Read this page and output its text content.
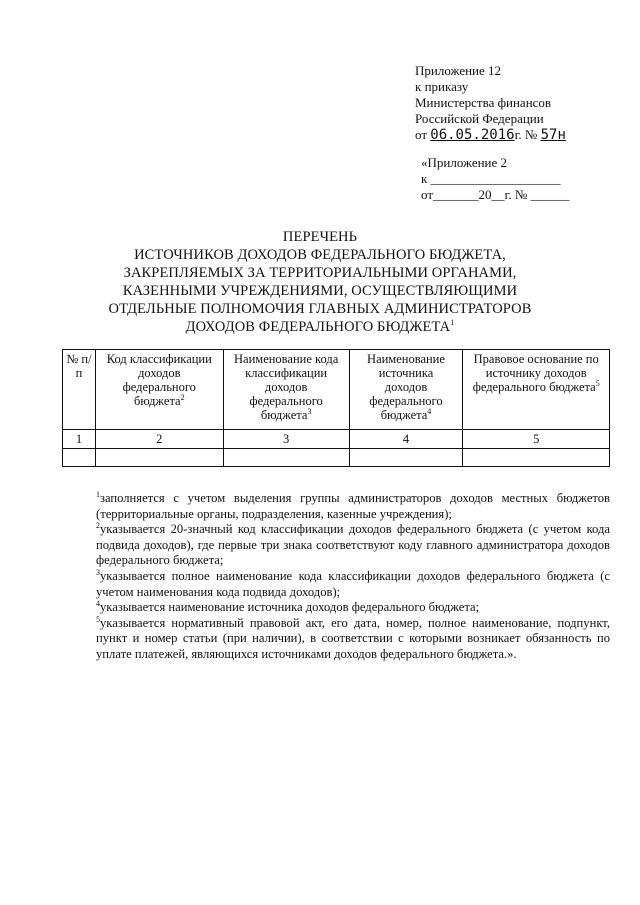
Приложение 12
к приказу
Министерства финансов
Российской Федерации
от 06.05.2016г. № 57н
«Приложение 2
к ____________________
от_______20__г. № ______
ПЕРЕЧЕНЬ
ИСТОЧНИКОВ ДОХОДОВ ФЕДЕРАЛЬНОГО БЮДЖЕТА,
ЗАКРЕПЛЯЕМЫХ ЗА ТЕРРИТОРИАЛЬНЫМИ ОРГАНАМИ,
КАЗЕННЫМИ УЧРЕЖДЕНИЯМИ, ОСУЩЕСТВЛЯЮЩИМИ
ОТДЕЛЬНЫЕ ПОЛНОМОЧИЯ ГЛАВНЫХ АДМИНИСТРАТОРОВ
ДОХОДОВ ФЕДЕРАЛЬНОГО БЮДЖЕТА$^1$
№ п/п	Код классификации доходов федерального бюджета$^2$	Наименование кода классификации доходов федерального бюджета$^3$	Наименование источника доходов федерального бюджета$^4$	Правовое основание по источнику доходов федерального бюджета$^5$
1	2	3	4	5

$^1$заполняется с учетом выделения группы администраторов доходов местных бюджетов (территориальные органы, подразделения, казенные учреждения);

$^2$указывается 20-значный код классификации доходов федерального бюджета (с учетом кода подвида доходов), где первые три знака соответствуют коду главного администратора доходов федерального бюджета;

$^3$указывается полное наименование кода классификации доходов федерального бюджета (с учетом наименования кода подвида доходов);

$^4$указывается наименование источника доходов федерального бюджета;

$^5$указывается нормативный правовой акт, его дата, номер, полное наименование, подпункт, пункт и номер статьи (при наличии), в соответствии с которыми возникает обязанность по уплате платежей, являющихся источниками доходов федерального бюджета.».
